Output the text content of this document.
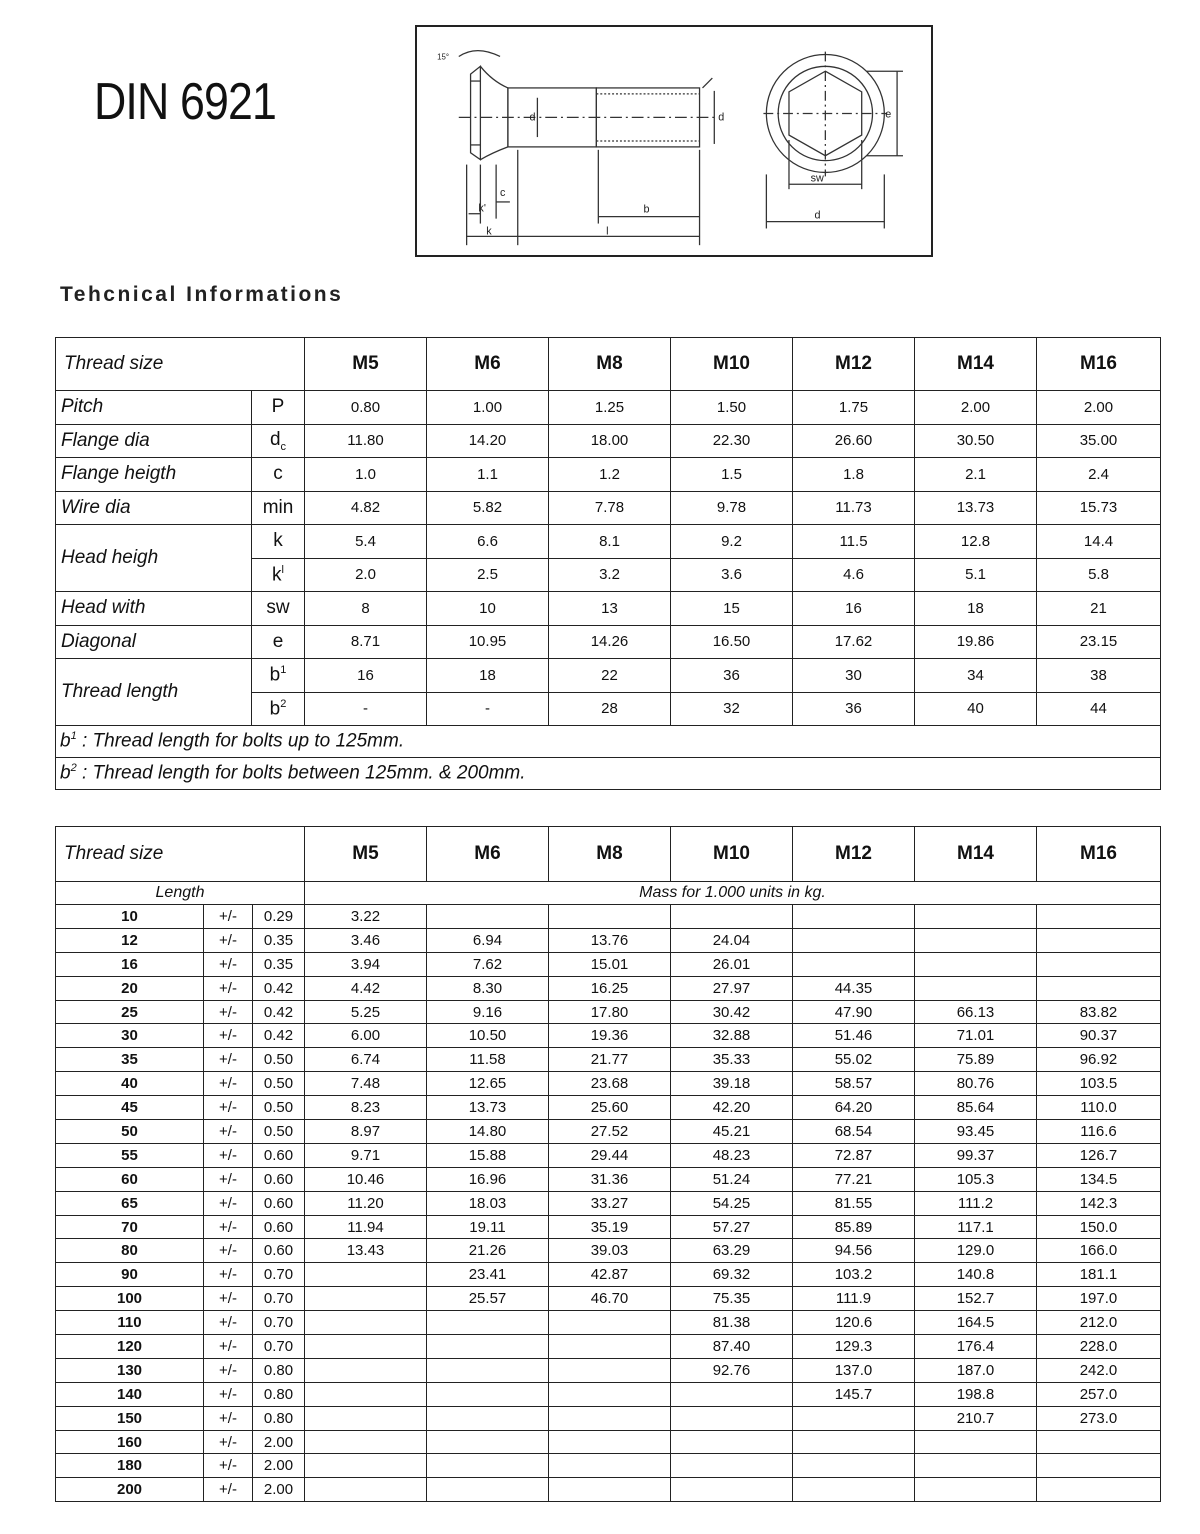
DIN 6921
15°
d	d
c
k'
k
b
l
e
sw
d
Tehcnical Informations
Thread size		M5	M6	M8	M10	M12	M14	M16
Pitch	P	0.80	1.00	1.25	1.50	1.75	2.00	2.00
Flange dia	$d_c$	11.80	14.20	18.00	22.30	26.60	30.50	35.00
Flange heigth	c	1.0	1.1	1.2	1.5	1.8	2.1	2.4
Wire dia	min	4.82	5.82	7.78	9.78	11.73	13.73	15.73
Head heigh	k	5.4	6.6	8.1	9.2	11.5	12.8	14.4
	$k^l$	2.0	2.5	3.2	3.6	4.6	5.1	5.8
Head with	sw	8	10	13	15	16	18	21
Diagonal	e	8.71	10.95	14.26	16.50	17.62	19.86	23.15
Thread length	$b^1$	16	18	22	36	30	34	38
	$b^2$	-	-	28	32	36	40	44
$b^1$ : Thread length for bolts up to 125mm.								
$b^2$ : Thread length for bolts between 125mm. & 200mm.								
Thread size			M5	M6	M8	M10	M12	M14	M16
Length			Mass for 1.000 units in kg.						
10	+/-	0.29	3.22						
12	+/-	0.35	3.46	6.94	13.76	24.04			
16	+/-	0.35	3.94	7.62	15.01	26.01			
20	+/-	0.42	4.42	8.30	16.25	27.97	44.35		
25	+/-	0.42	5.25	9.16	17.80	30.42	47.90	66.13	83.82
30	+/-	0.42	6.00	10.50	19.36	32.88	51.46	71.01	90.37
35	+/-	0.50	6.74	11.58	21.77	35.33	55.02	75.89	96.92
40	+/-	0.50	7.48	12.65	23.68	39.18	58.57	80.76	103.5
45	+/-	0.50	8.23	13.73	25.60	42.20	64.20	85.64	110.0
50	+/-	0.50	8.97	14.80	27.52	45.21	68.54	93.45	116.6
55	+/-	0.60	9.71	15.88	29.44	48.23	72.87	99.37	126.7
60	+/-	0.60	10.46	16.96	31.36	51.24	77.21	105.3	134.5
65	+/-	0.60	11.20	18.03	33.27	54.25	81.55	111.2	142.3
70	+/-	0.60	11.94	19.11	35.19	57.27	85.89	117.1	150.0
80	+/-	0.60	13.43	21.26	39.03	63.29	94.56	129.0	166.0
90	+/-	0.70		23.41	42.87	69.32	103.2	140.8	181.1
100	+/-	0.70		25.57	46.70	75.35	111.9	152.7	197.0
110	+/-	0.70				81.38	120.6	164.5	212.0
120	+/-	0.70				87.40	129.3	176.4	228.0
130	+/-	0.80				92.76	137.0	187.0	242.0
140	+/-	0.80					145.7	198.8	257.0
150	+/-	0.80						210.7	273.0
160	+/-	2.00							
180	+/-	2.00							
200	+/-	2.00							
